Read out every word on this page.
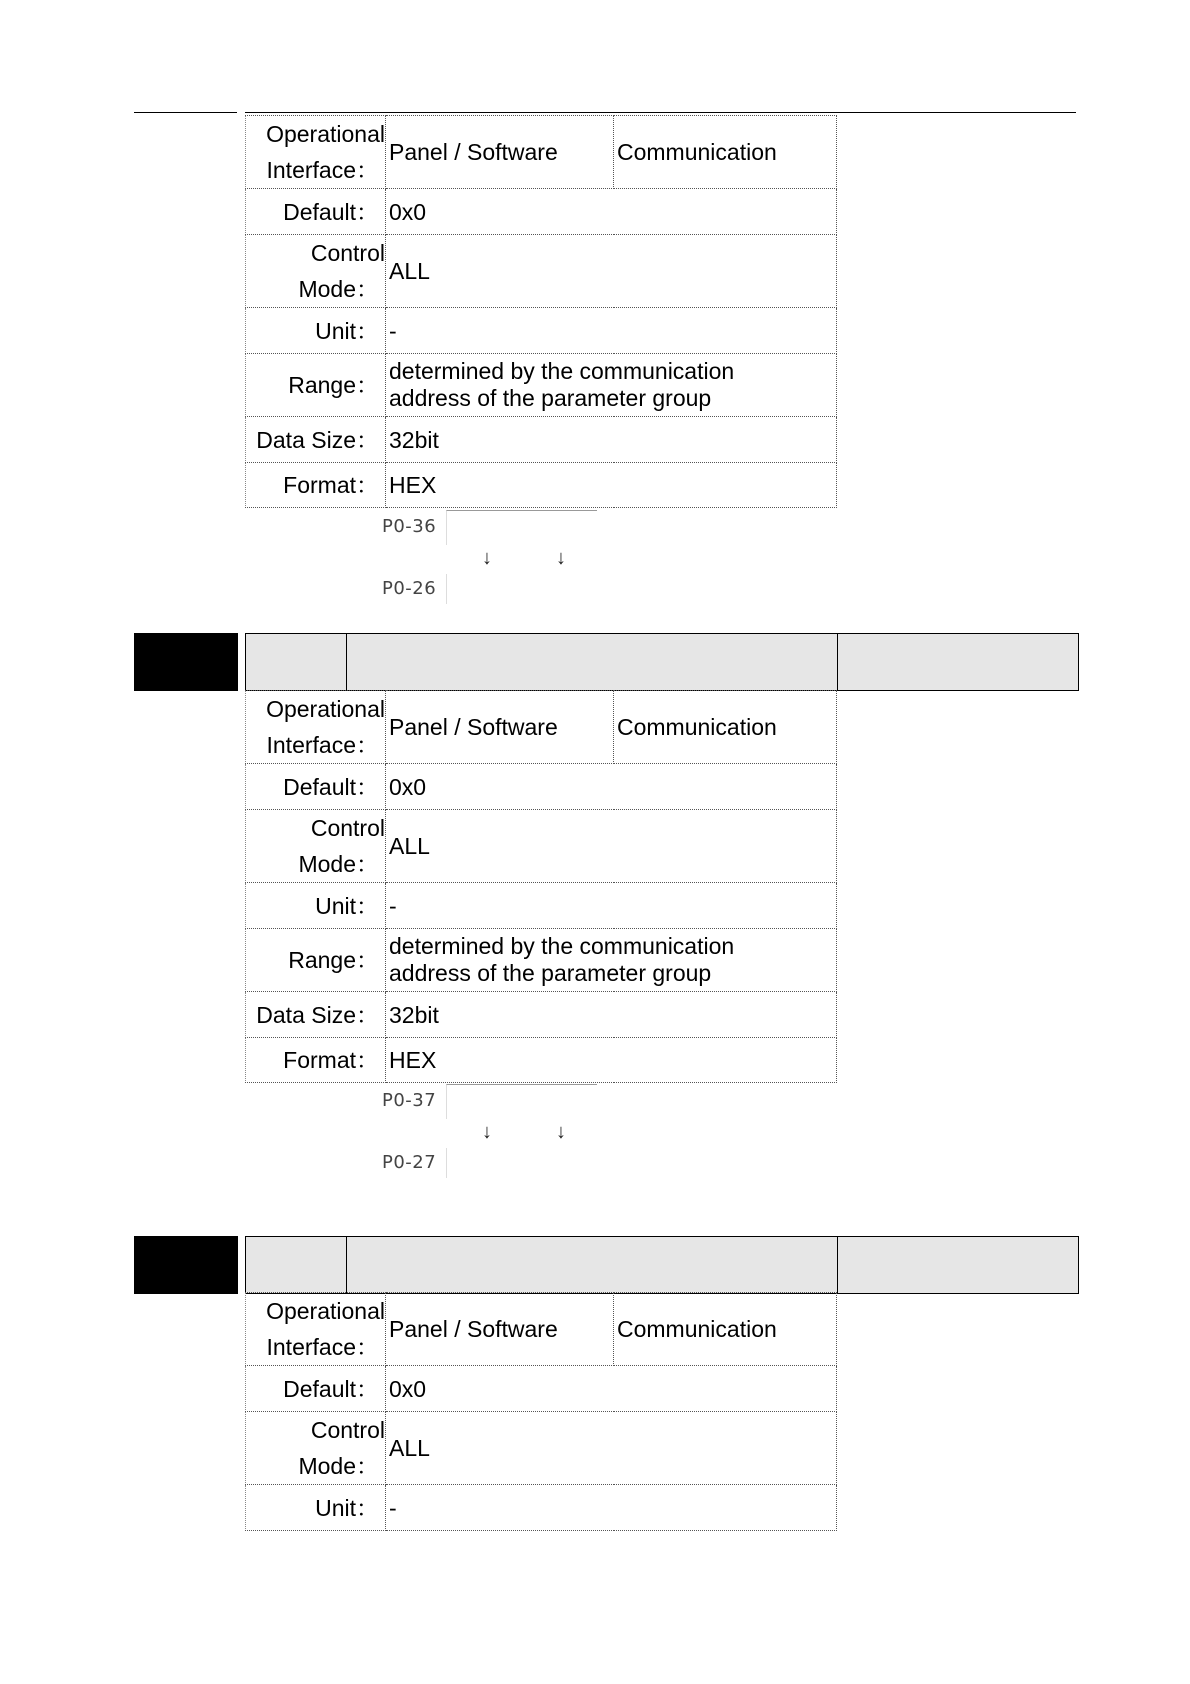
Operational
Interface：	Panel / Software	Communication
Default：	0x0	

Control
Mode：	ALL	
Unit：	-	
Range：	determined by the communication
address of the parameter group	

Data Size：	32bit	
Format：	HEX	
P0-36
↓	↓
P0-26
Operational
Interface：	Panel / Software	Communication
Default：	0x0	

Control
Mode：	ALL	
Unit：	-	
Range：	determined by the communication
address of the parameter group	

Data Size：	32bit	
Format：	HEX	
P0-37
↓	↓
P0-27
Operational
Interface：	Panel / Software	Communication
Default：	0x0	

Control
Mode：	ALL	
Unit：	-	
